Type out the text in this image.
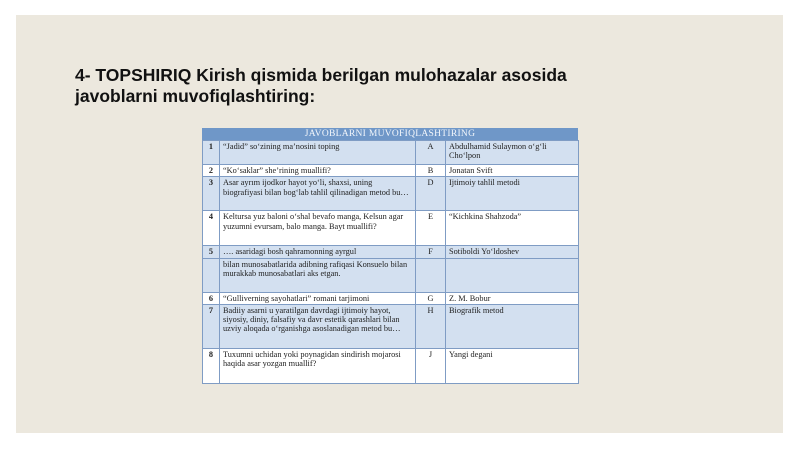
4- TOPSHIRIQ Kirish qismida berilgan mulohazalar asosida
javoblarni muvofiqlashtiring:
JAVOBLARNI MUVOFIQLASHTIRING
1	“Jadid” so‘zining ma’nosini toping	A	Abdulhamid Sulaymon o‘g‘li Cho‘lpon
2	“Ko‘saklar” she’rining muallifi?	B	Jonatan Svift
3	Asar ayrım ijodkor hayot yo‘li, shaxsi, uning biografiyasi bilan bog‘lab tahlil qilinadigan metod bu…	D	Ijtimoiy tahlil metodi
4	Keltursa yuz baloni o‘shal bevafo manga, Kelsun agar yuzumni evursam, balo manga. Bayt muallifi?	E	“Kichkina Shahzoda”
5	…. asaridagi bosh qahramonning ayrgul	F	Sotiboldi Yo‘ldoshev
	bilan munosabatlarida adibning rafiqasi Konsuelo bilan murakkab munosabatlari aks etgan.		
6	“Gulliverning sayohatlari” romani tarjimoni	G	Z. M. Bobur
7	Badiiy asarni u yaratilgan davrdagi ijtimoiy hayot, siyosiy, diniy, falsafiy va davr estetik qarashlari bilan uzviy aloqada o‘rganishga asoslanadigan metod bu…	H	Biografik metod
8	Tuxumni uchidan yoki poynagidan sindirish mojarosi haqida asar yozgan muallif?	J	Yangi degani
